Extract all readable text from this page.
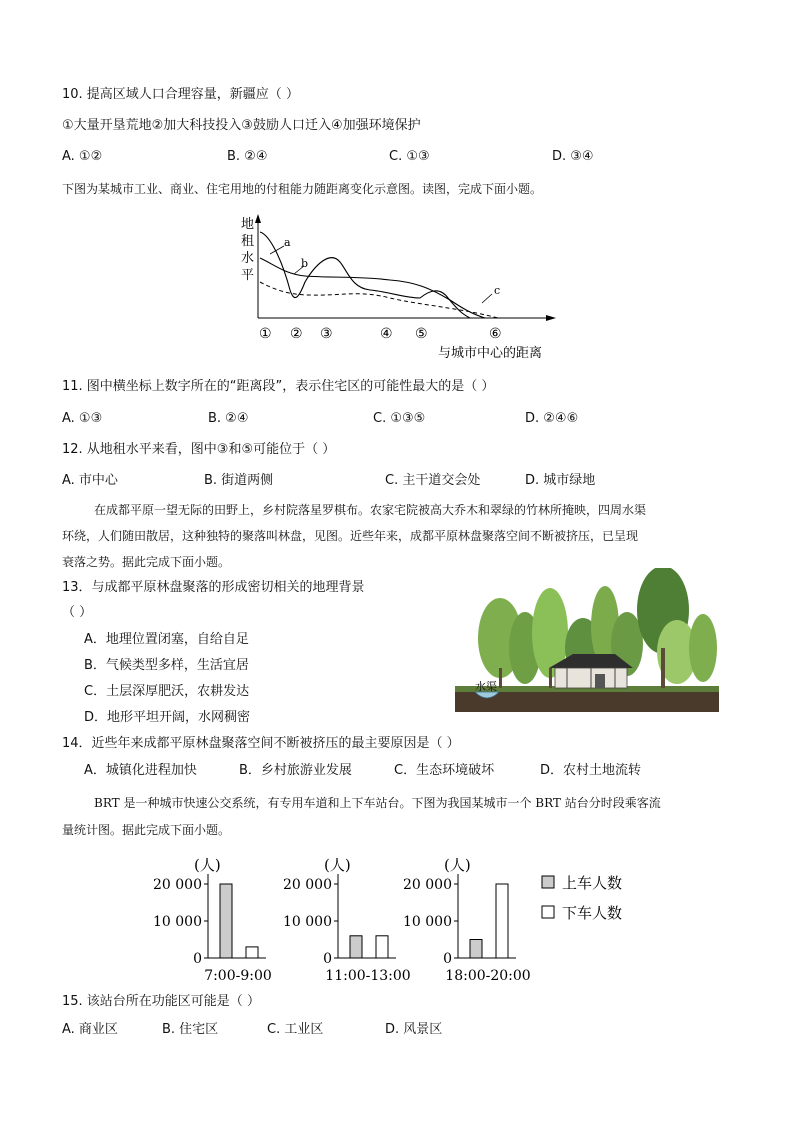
10. 提高区域人口合理容量，新疆应（ ）
①大量开垦荒地②加大科技投入③鼓励人口迁入④加强环境保护
A. ①②	B. ②④	C. ①③	D. ③④
下图为某城市工业、商业、住宅用地的付租能力随距离变化示意图。读图，完成下面小题。
地
租
水
平
a
b
c
① ② ③	④ ⑤	⑥
与城市中心的距离
11. 图中横坐标上数字所在的“距离段”，表示住宅区的可能性最大的是（ ）
A. ①③	B. ②④	C. ①③⑤	D. ②④⑥
12. 从地租水平来看，图中③和⑤可能位于（ ）
A. 市中心	B. 街道两侧	C. 主干道交会处	D. 城市绿地
在成都平原一望无际的田野上，乡村院落星罗棋布。农家宅院被高大乔木和翠绿的竹林所掩映，四周水渠
环绕，人们随田散居，这种独特的聚落叫林盘，见图。近些年来，成都平原林盘聚落空间不断被挤压，已呈现
衰落之势。据此完成下面小题。
13．与成都平原林盘聚落的形成密切相关的地理背景
（ ）
A．地理位置闭塞，自给自足
B．气候类型多样，生活宜居
C．土层深厚肥沃，农耕发达
D．地形平坦开阔，水网稠密
水渠
14．近些年来成都平原林盘聚落空间不断被挤压的最主要原因是（ ）
A．城镇化进程加快	B．乡村旅游业发展	C．生态环境破坏	D．农村土地流转
BRT 是一种城市快速公交系统，有专用车道和上下车站台。下图为我国某城市一个 BRT 站台分时段乘客流
量统计图。据此完成下面小题。
(人)
20 000
10 000
0
7:00-9:00
(人)
20 000
10 000
0
11:00-13:00
(人)
20 000
10 000
0
18:00-20:00
上车人数
下车人数
15. 该站台所在功能区可能是（ ）
A. 商业区	B. 住宅区	C. 工业区	D. 风景区
